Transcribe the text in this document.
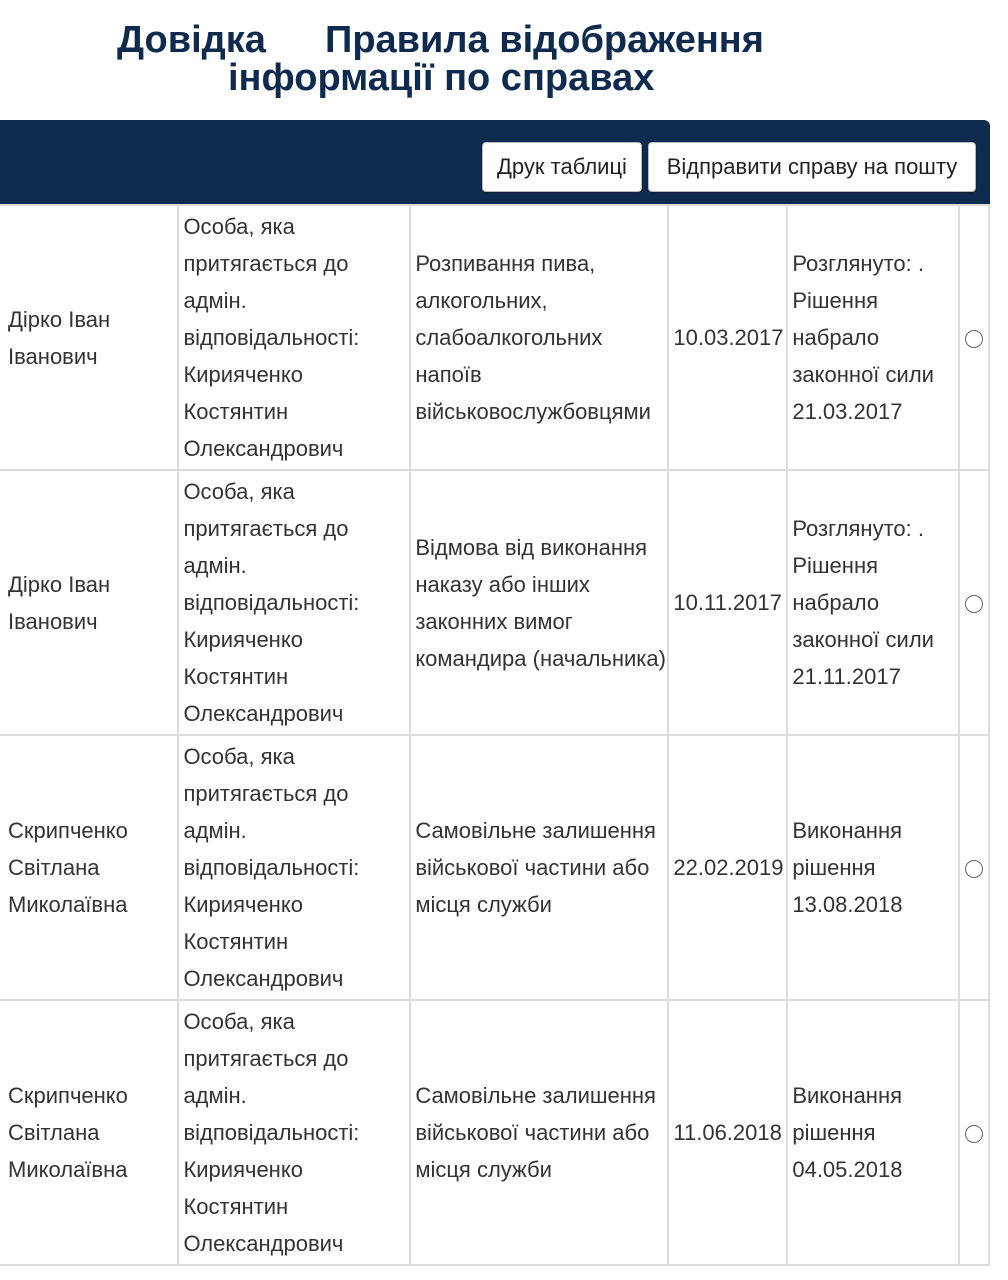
Довідка Правила відображення
інформації по справах
Друк таблиці	Відправити справу на пошту
Дірко Іван Іванович	Особа, яка притягається до адмін. відповідальності: Кириячeнко Костянтин Олександрович	Розпивання пива, алкогольних, слабоалкогольних напоїв військовослужбовцями	10.03.2017	Розглянуто: . Рішення набрало законної сили 21.03.2017	
Дірко Іван Іванович	Особа, яка притягається до адмін. відповідальності: Кириячeнко Костянтин Олександрович	Відмова від виконання наказу або інших законних вимог командира (начальника)	10.11.2017	Розглянуто: . Рішення набрало законної сили 21.11.2017	
Скрипченко Світлана Миколаївна	Особа, яка притягається до адмін. відповідальності: Кириячeнко Костянтин Олександрович	Самовільне залишення військової частини або місця служби	22.02.2019	Виконання рішення 13.08.2018	
Скрипченко Світлана Миколаївна	Особа, яка притягається до адмін. відповідальності: Кириячeнко Костянтин Олександрович	Самовільне залишення військової частини або місця служби	11.06.2018	Виконання рішення 04.05.2018	
